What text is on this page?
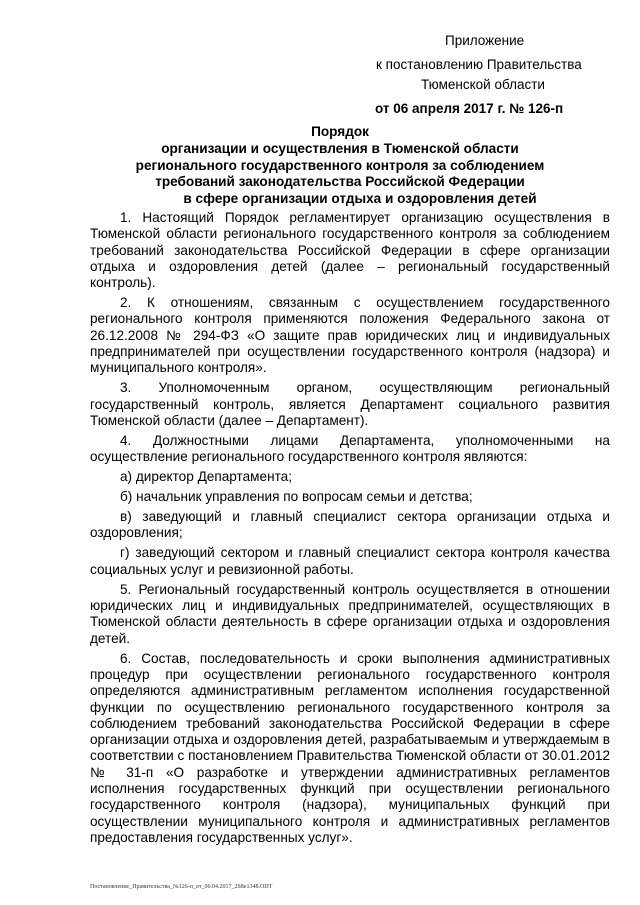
Приложение
к постановлению Правительства
Тюменской области
от 06 апреля 2017 г. № 126-п
Порядок
организации и осуществления в Тюменской области
регионального государственного контроля за соблюдением
требований законодательства Российской Федерации
в сфере организации отдыха и оздоровления детей

1. Настоящий Порядок регламентирует организацию осуществления в Тюменской области регионального государственного контроля за соблюдением требований законодательства Российской Федерации в сфере организации отдыха и оздоровления детей (далее – региональный государственный контроль).

2. К отношениям, связанным с осуществлением государственного регионального контроля применяются положения Федерального закона от 26.12.2008 № 294-ФЗ «О защите прав юридических лиц и индивидуальных предпринимателей при осуществлении государственного контроля (надзора) и муниципального контроля».

3. Уполномоченным органом, осуществляющим региональный государственный контроль, является Департамент социального развития Тюменской области (далее – Департамент).

4. Должностными лицами Департамента, уполномоченными на осуществление регионального государственного контроля являются:

а) директор Департамента;

б) начальник управления по вопросам семьи и детства;

в) заведующий и главный специалист сектора организации отдыха и оздоровления;

г) заведующий сектором и главный специалист сектора контроля качества социальных услуг и ревизионной работы.

5. Региональный государственный контроль осуществляется в отношении юридических лиц и индивидуальных предпринимателей, осуществляющих в Тюменской области деятельность в сфере организации отдыха и оздоровления детей.

6. Состав, последовательность и сроки выполнения административных процедур при осуществлении регионального государственного контроля определяются административным регламентом исполнения государственной функции по осуществлению регионального государственного контроля за соблюдением требований законодательства Российской Федерации в сфере организации отдыха и оздоровления детей, разрабатываемым и утверждаемым в соответствии с постановлением Правительства Тюменской области от 30.01.2012 № 31-п «О разработке и утверждении административных регламентов исполнения государственных функций при осуществлении регионального государственного контроля (надзора), муниципальных функций при осуществлении муниципального контроля и административных регламентов предоставления государственных услуг».

Постановление_Правительства_№126-п_от_06.04.2017_2S8e1348.ODT
